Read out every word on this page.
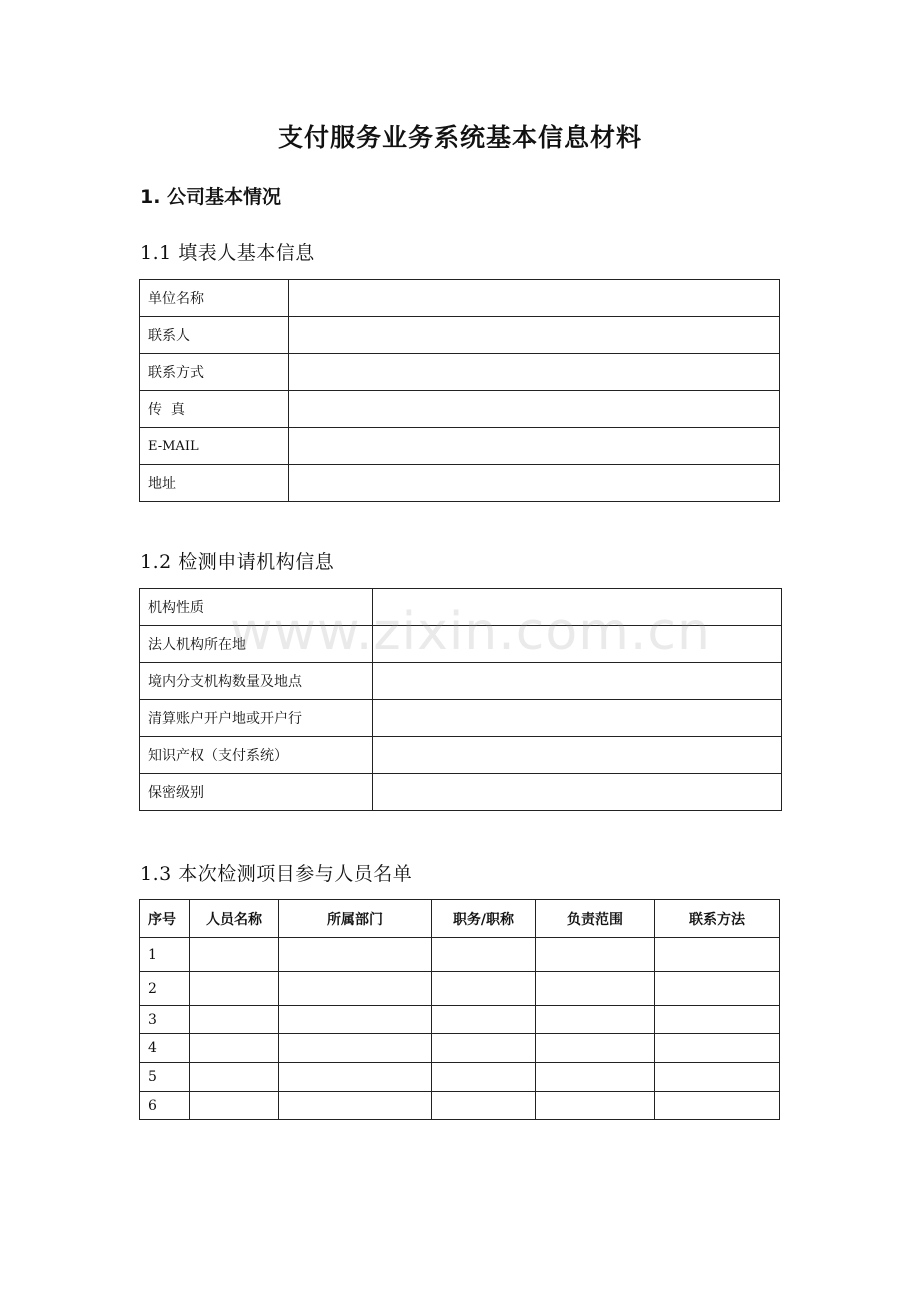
支付服务业务系统基本信息材料
1. 公司基本情况
1.1 填表人基本信息
单位名称	
联系人	
联系方式	
传  真	
E-MAIL	
地址	
1.2 检测申请机构信息
机构性质	
法人机构所在地	
境内分支机构数量及地点	
清算账户开户地或开户行	
知识产权（支付系统）	
保密级别	
www.zixin.com.cn
1.3 本次检测项目参与人员名单
序号	人员名称	所属部门	职务/职称	负责范围	联系方法
1					
2					
3					
4					
5					
6					
